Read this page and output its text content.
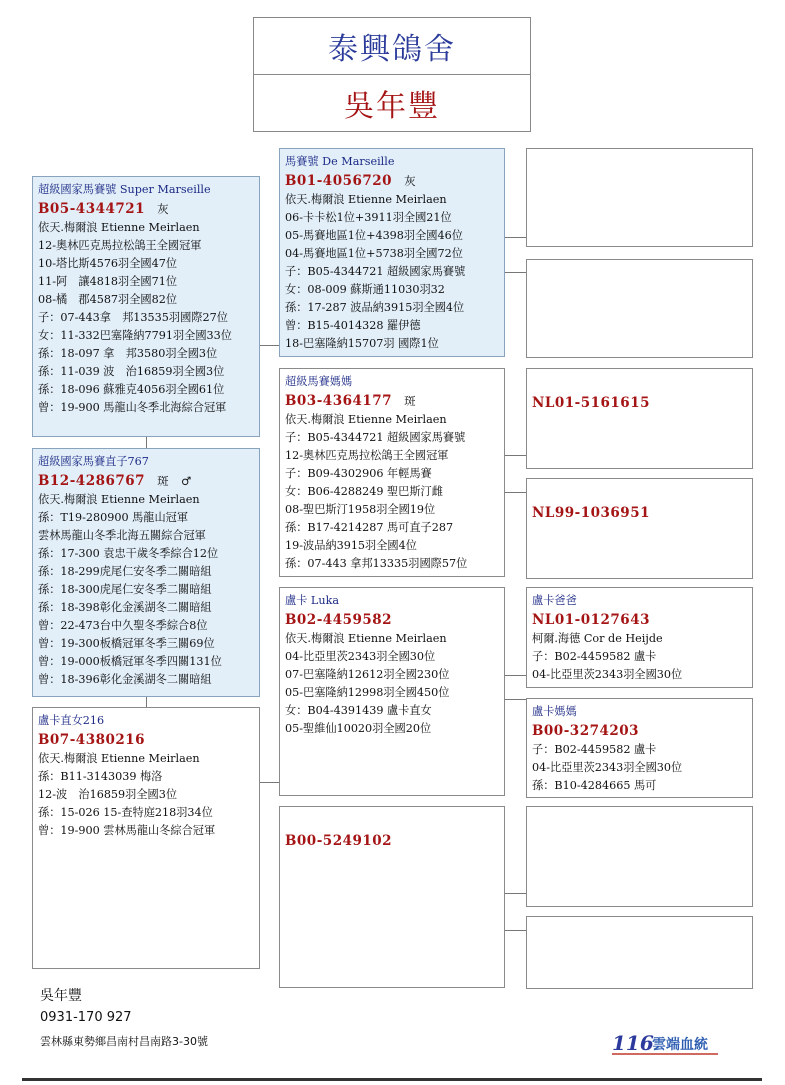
泰興鴿舍
吳年豐
超級國家馬賽號 Super Marseille
B05-4344721 灰
依天.梅爾浪 Etienne Meirlaen
12-奧林匹克馬拉松鴿王全國冠軍
10-塔比斯4576羽全國47位
11-阿　讓4818羽全國71位
08-橘　郡4587羽全國82位
子：07-443拿　邦13535羽國際27位
女：11-332巴塞隆納7791羽全國33位
孫：18-097 拿　邦3580羽全國3位
孫：11-039 波　治16859羽全國3位
孫：18-096 蘇雅克4056羽全國61位
曾：19-900 馬龍山冬季北海綜合冠軍
超級國家馬賽直子767
B12-4286767 斑　♂
依天.梅爾浪 Etienne Meirlaen
孫：T19-280900 馬龍山冠軍
雲林馬龍山冬季北海五關綜合冠軍
孫：17-300 袁忠干歲冬季綜合12位
孫：18-299虎尾仁安冬季二關暗組
孫：18-300虎尾仁安冬季二關暗組
孫：18-398彰化金溪湖冬二關暗組
曾：22-473台中久聖冬季綜合8位
曾：19-300板橋冠軍冬季三關69位
曾：19-000板橋冠軍冬季四關131位
曾：18-396彰化金溪湖冬二關暗組
盧卡直女216
B07-4380216
依天.梅爾浪 Etienne Meirlaen
孫：B11-3143039 梅洛
12-波　治16859羽全國3位
孫：15-026 15-查特庭218羽34位
曾：19-900 雲林馬龍山冬綜合冠軍
馬賽號 De Marseille
B01-4056720 灰
依天.梅爾浪 Etienne Meirlaen
06-卡卡松1位+3911羽全國21位
05-馬賽地區1位+4398羽全國46位
04-馬賽地區1位+5738羽全國72位
子：B05-4344721 超級國家馬賽號
女：08-009 蘇斯通11030羽32
孫：17-287 波品納3915羽全國4位
曾：B15-4014328 羅伊德
18-巴塞隆納15707羽 國際1位
超級馬賽媽媽
B03-4364177 斑
依天.梅爾浪 Etienne Meirlaen
子：B05-4344721 超級國家馬賽號
12-奧林匹克馬拉松鴿王全國冠軍
子：B09-4302906 年輕馬賽
女：B06-4288249 聖巴斯汀雌
08-聖巴斯汀1958羽全國19位
孫：B17-4214287 馬可直子287
19-波品納3915羽全國4位
孫：07-443 拿邦13335羽國際57位
盧卡 Luka
B02-4459582
依天.梅爾浪 Etienne Meirlaen
04-比亞里茨2343羽全國30位
07-巴塞隆納12612羽全國230位
05-巴塞隆納12998羽全國450位
女：B04-4391439 盧卡直女
05-聖維仙10020羽全國20位
B00-5249102
NL01-5161615
NL99-1036951
盧卡爸爸
NL01-0127643
柯爾.海德 Cor de Heijde
子：B02-4459582 盧卡
04-比亞里茨2343羽全國30位
盧卡媽媽
B00-3274203
子：B02-4459582 盧卡
04-比亞里茨2343羽全國30位
孫：B10-4284665 馬可
吳年豐
0931-170 927
雲林縣東勢鄉昌南村昌南路3-30號	116
雲端血統
